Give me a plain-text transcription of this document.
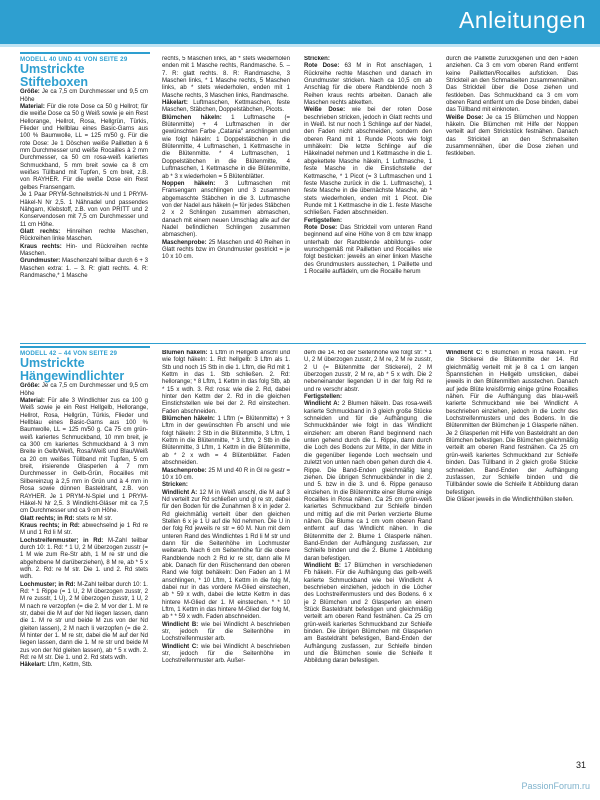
Anleitungen

MODELL 40 UND 41 VON SEITE 29

Umstrickte Stifteboxen

Größe: Je ca 7,5 cm Durchmesser und 9,5 cm Höhe

Material: Für die rote Dose ca 50 g Hellrot; für die weiße Dose ca 50 g Weiß sowie je ein Rest Hellorange, Hellrot, Rosa, Hellgrün, Türkis, Flieder und Hellblau eines Basic-Garns aus 100 % Baumwolle, LL = 125 m/50 g. Für die rote Dose: Je 1 Döschen weiße Pailletten à 6 mm Durchmesser und weiße Rocailles à 2 mm Durchmesser, ca 50 cm rosa-weiß kariertes Schmuckband, 5 mm breit sowie ca 8 cm weißes Tüllband mit Tupfen, 5 cm breit, z.B. von RAYHER. Für die weiße Dose ein Rest gelbes Fransengarn.

Je 1 Paar PRYM-Schnellstrick-N und 1 PRYM-Häkel-N Nr 2,5. 1 Nähnadel und passendes Nähgarn, Klebstoff, z.B. von von PRITT und 2 Konservendosen mit 7,5 cm Durchmesser und 11 cm Höhe.

Glatt rechts: Hinreihen rechte Maschen, Rückreihen linke Maschen.

Kraus rechts: Hin- und Rückreihen rechte Maschen.

Grundmuster: Maschenzahl teilbar durch 6 + 3 Maschen extra: 1. – 3. R: glatt rechts. 4. R: Randmasche,* 1 Masche

rechts, 5 Maschen links, ab * stets wiederholen enden mit 1 Masche rechts, Randmasche. 5. – 7. R: glatt rechts. 8. R: Randmasche, 3 Maschen links, * 1 Masche rechts, 5 Maschen links, ab * stets wiederholen, enden mit 1 Masche rechts, 3 Maschen links, Randmasche.

Häkelart: Luftmaschen, Kettmaschen, feste Maschen, Stäbchen, Doppelstäbchen, Picots.

Blümchen häkeln: 1 Luftmasche (= Blütenmitte) + 4 Luftmaschen in der gewünschten Farbe „Catania" anschlingen und wie folgt häkeln: 1 Doppelstäbchen in die Blütenmitte, 4 Luftmaschen, 1 Kettmasche in die Blütenmitte. * 4 Luftmaschen, 1 Doppelstäbchen in die Blütenmitte, 4 Luftmaschen, 1 Kettmasche in die Blütenmitte, ab * 3 x wiederholen = 5 Blütenblätter.

Noppen häkeln: 3 Luftmaschen mit Fransengarn anschlingen und 3 zusammen abgemaschte Stäbchen in die 3. Luftmasche von der Nadel aus häkeln (= für jedes Stäbchen 2 x 2 Schlingen zusammen abmaschen, danach mit einem neuen Umschlag alle auf der Nadel befindlichen Schlingen zusammen abmaschen).

Maschenprobe: 25 Maschen und 40 Reihen in Glatt rechts bzw im Grundmuster gestrickt = je 10 x 10 cm.

Stricken:

Rote Dose: 63 M in Rot anschlagen, 1 Rückreihe rechte Maschen und danach im Grundmuster stricken. Nach ca 10,5 cm ab Anschlag für die obere Randblende noch 3 Reihen kraus rechts arbeiten. Danach alle Maschen rechts abketten.

Weiße Dose: wie bei der roten Dose beschrieben stricken, jedoch in Glatt rechts und in Weiß. Ist nur noch 1 Schlinge auf der Nadel, den Faden nicht abschneiden, sondern den oberen Rand mit 1 Runde Picots wie folgt umhäkeln: Die letzte Schlinge auf die Häkelnadel nehmen und 1 Kettmasche in die 1. abgekettete Masche häkeln, 1 Luftmasche, 1 feste Masche in die Einstichstelle der Kettmasche, * 1 Picot (= 3 Luftmaschen und 1 feste Masche zurück in die 1. Luftmasche), 1 feste Masche in die übernächste Masche, ab * stets wiederholen, enden mit 1 Picot. Die Runde mit 1 Kettmasche in die 1. feste Masche schließen. Faden abschneiden.

Fertigstellen:

Rote Dose: Das Strickteil vom unteren Rand beginnend auf eine Höhe von 8 cm bzw knapp unterhalb der Randblende abbildungs- oder wunschgemäß mit Pailletten und Rocailles wie folgt besticken: jeweils an einer linken Masche des Grundmusters ausstechen, 1 Paillette und 1 Rocaille auffädeln, um die Rocaille herum

durch die Paillette zurückgehen und den Faden anziehen. Ca 3 cm vom oberen Rand entfernt keine Pailletten/Rocailles aufsticken. Das Strickteil an den Schmalseiten zusammennähen. Das Strickteil über die Dose ziehen und festkleben. Das Schmuckband ca 3 cm vom oberen Rand entfernt um die Dose binden, dabei das Tüllband mit einknoten.

Weiße Dose: Je ca 15 Blümchen und Noppen häkeln. Die Blümchen mit Hilfe der Noppen verteilt auf dem Strickstück festnähen. Danach das Strickteil an den Schmalseiten zusammennähen, über die Dose ziehen und festkleben.

MODELL 42 – 44 VON SEITE 29

Umstrickte Hängewindlichter

Größe: Je ca 7,5 cm Durchmesser und 9,5 cm Höhe

Material: Für alle 3 Windlichter zus ca 100 g Weiß sowie je ein Rest Hellgelb, Hellorange, Hellrot, Rosa, Hellgrün, Türkis, Flieder und Hellblau eines Basic-Garns aus 100 % Baumwolle, LL = 125 m/50 g. Ca 75 cm grün-weiß kariertes Schmuckband, 10 mm breit, je ca 300 cm kariertes Schmuckband à 3 mm Breite in Gelb/Weiß, Rosa/Weiß und Blau/Weiß ca 20 cm weißes Tüllband mit Tupfen, 5 cm breit, irisierende Glasperlen à 7 mm Durchmesser in Gelb-Grün, Rocailles mit Silbereinzug à 2,5 mm in Grün und à 4 mm in Rosa sowie dünnen Basteldraht, z.B. von RAYHER. Je 1 PRYM-N-Spiel und 1 PRYM-Häkel-N Nr 2,5. 3 Windlicht-Gläser mit ca 7,5 cm Durchmesser und ca 9 cm Höhe.

Glatt rechts; in Rd: stets re M str.

Kraus rechts; in Rd: abwechselnd je 1 Rd re M und 1 Rd li M str.

Lochstreifenmuster; in Rd: M-Zahl teilbar durch 10: 1. Rd: * 1 U, 2 M überzogen zusstr (= 1 M wie zum Re-Str abh, 1 M re str und die abgehobene M darüberziehen), 8 M re, ab * 5 x wdh. 2. Rd: re M str. Die 1. und 2. Rd stets wdh.

Lochmuster; in Rd: M-Zahl teilbar durch 10: 1. Rd: * 1 Rippe (= 1 U, 2 M überzogen zusstr, 2 M re zusstr, 1 U), 2 M überzogen zusstr, 1 U, 2 M nach re verzopfen (= die 2. M vor der 1. M re str, dabei die M auf der Nd liegen lassen, dann die 1. M re str und beide M zus von der Nd gleiten lassen), 2 M nach li verzopfen (= die 2. M hinter der 1. M re str, dabei die M auf der Nd liegen lassen, dann die 1. M re str und beide M zus von der Nd gleiten lassen), ab * 5 x wdh. 2. Rd: re M str. Die 1. und 2. Rd stets wdh.

Häkelart: Lftm, Kettm, Stb.

Blumen häkeln: 1 Lftm in Hellgelb anschl und wie folgt häkeln: 1. Rd: hellgelb: 3 Lftm als 1. Stb und noch 15 Stb in die 1. Lftm, die Rd mit 1 Kettm in das 1. Stb schließen. 2. Rd: hellorange; * 8 Lftm, 1 Kettm in das folg Stb, ab * 15 x wdh. 3. Rd: rosa: wie die 2. Rd, dabei hinter den Kettm der 2. Rd in die gleichen Einstichstellen wie bei der 2. Rd einstechen. Faden abschneiden.

Blümchen häkeln: 1 Lftm (= Blütenmitte) + 3 Lftm in der gewünschten Fb anschl und wie folgt häkeln: 2 Stb in die Blütenmitte, 3 Lftm, 1 Kettm in die Blütenmitte, * 3 Lftm, 2 Stb in die Blütenmitte, 3 Lftm, 1 Kettm in die Blütenmitte, ab * 2 x wdh = 4 Blütenblätter. Faden abschneiden.

Maschenprobe: 25 M und 40 R in Gl re gestr = 10 x 10 cm.

Stricken:

Windlicht A: 12 M in Weiß anschl, die M auf 3 Nd verteilt zur Rd schließen und gl re str, dabei für den Boden für die Zunahmen 8 x in jeder 2. Rd gleichmäßig verteilt über den gleichen Stellen 6 x je 1 U auf die Nd nehmen. Die U in der folg Rd jeweils re str = 60 M. Nun mit dem unteren Rand des Windlichtes 1 Rd li M str und dann für die Seitenhöhe im Lochmuster weiterarb. Nach 6 cm Seitenhöhe für die obere Randblende noch 2 Rd kr re str, dann alle M abk. Danach für den Rüschenrand den oberen Rand wie folgt behäkeln: Den Faden an 1 M anschlingen, * 10 Lftm, 1 Kettm in die folg M, dabei nur in das vordere M-Glied einstechen, ab * 59 x wdh, dabei die letzte Kettm in das hintere M-Glied der 1. M einstechen. * * 10 Lftm, 1 Kettm in das hintere M-Glied der folg M, ab * * 59 x wdh. Faden abschneiden.

Windlicht B: wie bei Windlicht A beschrieben str, jedoch für die Seitenhöhe im Lochstreifenmuster arb.

Windlicht C: wie bei Windlicht A beschrieben str, jedoch für die Seitenhöhe im Lochstreifenmuster arb. Außer-

dem die 14. Rd der Seitenhöhe wie folgt str: * 1 U, 2 M überzogen zusstr, 2 M re, 2 M re zusstr, 2 U (= Blütenmitte der Stickerei), 2 M überzogen zusstr, 2 M re, ab * 5 x wdh. Die 2 nebeneinander liegenden U in der folg Rd re und re verschr abstr.

Fertigstellen:

Windlicht A: 2 Blumen häkeln. Das rosa-weiß karierte Schmuckband in 3 gleich große Stücke schneiden und für die Aufhängung die Schmuckbänder wie folgt in das Windlicht einziehen: am oberen Rand beginnend nach unten gehend durch die 1. Rippe, dann durch die Loch des Bodens zur Mitte, in der Mitte in die gegenüber liegende Loch wechseln und zuletzt von unten nach oben gehen durch die 4. Rippe. Die Band-Enden gleichmäßig lang ziehen. Die übrigen Schmuckbänder in die 2. und 5. bzw in die 3. und 6. Rippe genauso einziehen. In die Blütenmitte einer Blume einige Rocailles in Rosa nähen. Ca 25 cm grün-weiß kariertes Schmuckband zur Schleife binden und mittig auf die mit Perlen verzierte Blume nähen. Die Blume ca 1 cm vom oberen Rand entfernt auf das Windlicht nähen. In die Blütenmitte der 2. Blume 1 Glasperle nähen. Band-Enden der Aufhängung zusfassen, zur Schleife binden und die 2. Blume 1 Abbildung daran befestigen.

Windlicht B: 17 Blümchen in verschiedenen Fb häkeln. Für die Aufhängung das gelb-weiß karierte Schmuckband wie bei Windlicht A beschrieben einziehen, jedoch in die Löcher des Lochstreifenmusters und des Bodens. 6 x je 2 Blümchen und 2 Glasperlen an einem Stück Basteldraht befestigen und gleichmäßig verteilt am oberen Rand festnähen. Ca 25 cm grün-weiß kariertes Schmuckband zur Schleife binden. Die übrigen Blümchen mit Glasperlen am Basteldraht befestigen, Band-Enden der Aufhängung zusfassen, zur Schleife binden und die Blümchen sowie die Schleife lt Abbildung daran befestigen.

Windlicht C: 6 Blümchen in Rosa häkeln. Für die Stickerei die Blütenmitte der 14. Rd gleichmäßig verteilt mit je 8 ca 1 cm langen Spannstichen in Hellgelb umsticken, dabei jeweils in den Blütenmitten ausstechen. Danach auf jede Blüte kreisförmig einige grüne Rocailles nähen. Für die Aufhängung das blau-weiß karierte Schmuckband wie bei Windlicht A beschrieben einziehen, jedoch in die Lochr des Lochstreifenmusters und des Bodens. In die Blütenmitten der Blümchen je 1 Glasperle nähen. Je 2 Glasperlen mit Hilfe von Basteldraht an den Blümchen befestigen. Die Blümchen gleichmäßig verteilt am oberen Rand festnähen. Ca 25 cm grün-weiß kariertes Schmuckband zur Schleife binden. Das Tüllband in 2 gleich große Stücke schneiden. Band-Enden der Aufhängung zusfassen, zur Schleife binden und die Tüllbänder sowie die Schleife lt Abbildung daran befestigen.

Die Gläser jeweils in die Windlichthüllen stellen.

31
PassionForum.ru
